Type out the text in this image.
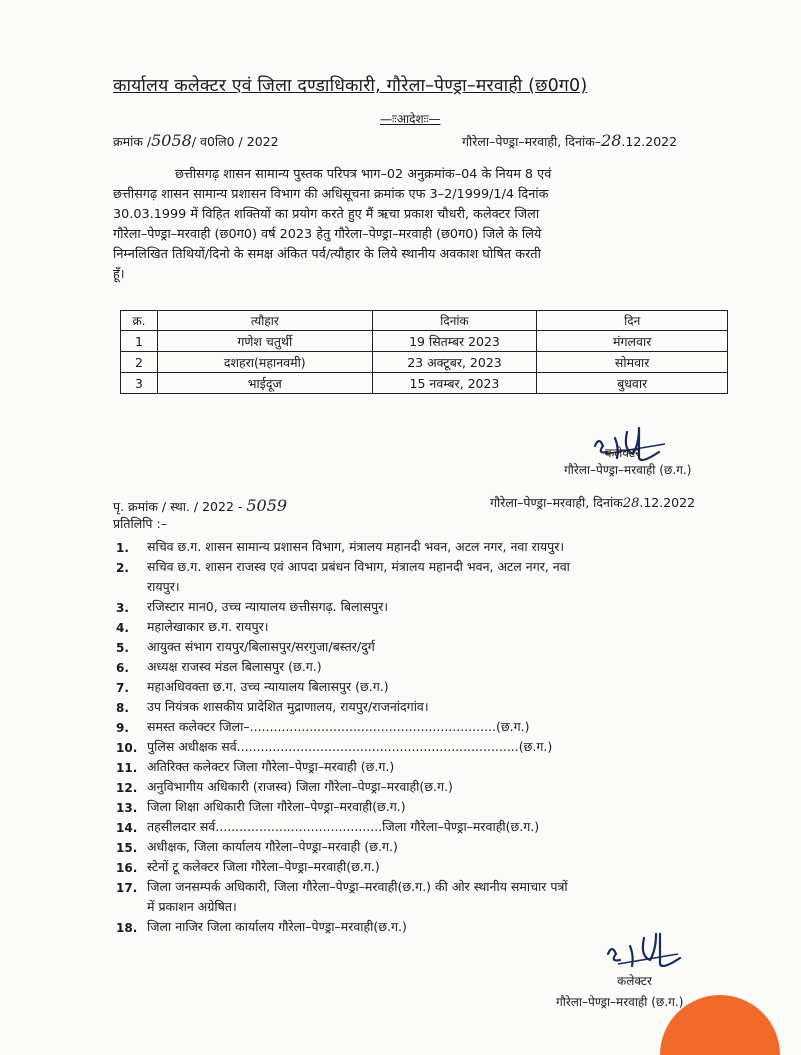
कार्यालय कलेक्टर एवं जिला दण्डाधिकारी, गौरेला–पेण्ड्रा–मरवाही (छ0ग0)
—ःःआदेशःः—
क्रमांक /5058/ व0लि0 / 2022	गौरेला–पेण्ड्रा–मरवाही, दिनांक–28.12.2022
छत्तीसगढ़ शासन सामान्य पुस्तक परिपत्र भाग–02 अनुक्रमांक–04 के नियम 8 एवं
छत्तीसगढ़ शासन सामान्य प्रशासन विभाग की अधिसूचना क्रमांक एफ 3–2/1999/1/4 दिनांक
30.03.1999 में विहित शक्तियों का प्रयोग करते हुए मैं ऋचा प्रकाश चौधरी, कलेक्टर जिला
गौरेला–पेण्ड्रा–मरवाही (छ0ग0) वर्ष 2023 हेतु गौरेला–पेण्ड्रा–मरवाही (छ0ग0) जिले के लिये
निम्नलिखित तिथियों/दिनो के समक्ष अंकित पर्व/त्यौहार के लिये स्थानीय अवकाश घोषित करती
हूँ।
क्र.	त्यौहार	दिनांक	दिन
1	गणेश चतुर्थी	19 सितम्बर 2023	मंगलवार
2	दशहरा(महानवमी)	23 अक्टूबर, 2023	सोमवार
3	भाईदूज	15 नवम्बर, 2023	बुधवार
कलेक्टर
गौरेला–पेण्ड्रा–मरवाही (छ.ग.)
पृ. क्रमांक / स्था. / 2022 - 5059	गौरेला–पेण्ड्रा–मरवाही, दिनांक28.12.2022
प्रतिलिपि :–
1. सचिव छ.ग. शासन सामान्य प्रशासन विभाग, मंत्रालय महानदी भवन, अटल नगर, नवा रायपुर।
2. सचिव छ.ग. शासन राजस्व एवं आपदा प्रबंधन विभाग, मंत्रालय महानदी भवन, अटल नगर, नवा
रायपुर।
3. रजिस्टार मान0, उच्च न्यायालय छत्तीसगढ़. बिलासपुर।
4. महालेखाकार छ.ग. रायपुर।
5. आयुक्त संभाग रायपुर/बिलासपुर/सरगुजा/बस्तर/दुर्ग
6. अध्यक्ष राजस्व मंडल बिलासपुर (छ.ग.)
7. महाअधिवक्ता छ.ग. उच्च न्यायालय बिलासपुर (छ.ग.)
8. उप नियंत्रक शासकीय प्रादेशित मुद्राणालय, रायपुर/राजनांदगांव।
9. समस्त कलेक्टर जिला–..............................................................(छ.ग.)
10. पुलिस अधीक्षक सर्व.......................................................................(छ.ग.)
11. अतिरिक्त कलेक्टर जिला गौरेला–पेण्ड्रा–मरवाही (छ.ग.)
12. अनुविभागीय अधिकारी (राजस्व) जिला गौरेला–पेण्ड्रा–मरवाही(छ.ग.)
13. जिला शिक्षा अधिकारी जिला गौरेला–पेण्ड्रा–मरवाही(छ.ग.)
14. तहसीलदार सर्व..........................................जिला गौरेला–पेण्ड्रा–मरवाही(छ.ग.)
15. अधीक्षक, जिला कार्यालय गौरेला–पेण्ड्रा–मरवाही (छ.ग.)
16. स्टेनों टू कलेक्टर जिला गौरेला–पेण्ड्रा–मरवाही(छ.ग.)
17. जिला जनसम्पर्क अधिकारी, जिला गौरेला–पेण्ड्रा–मरवाही(छ.ग.) की ओर स्थानीय समाचार पत्रों
में प्रकाशन अग्रेषित।
18. जिला नाजिर जिला कार्यालय गौरेला–पेण्ड्रा–मरवाही(छ.ग.)
कलेक्टर
गौरेला–पेण्ड्रा–मरवाही (छ.ग.)
